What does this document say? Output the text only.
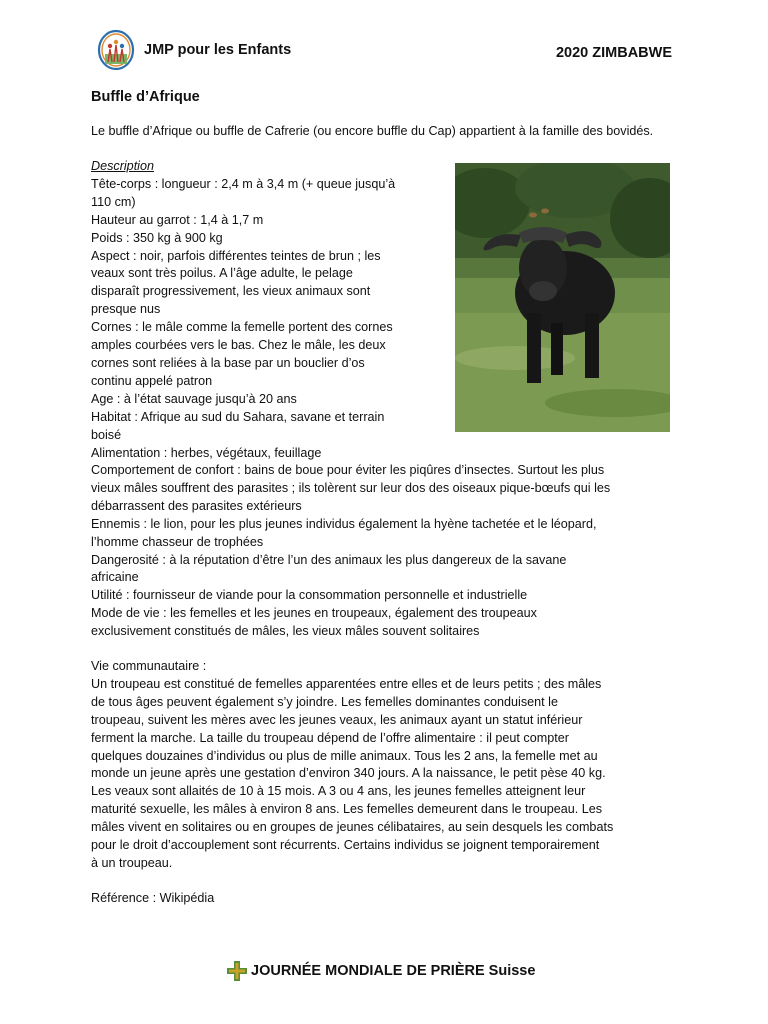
JMP pour les Enfants	2020 ZIMBABWE
Buffle d’Afrique
Le buffle d’Afrique ou buffle de Cafrerie (ou encore buffle du Cap) appartient à la famille des bovidés.
Description
Tête-corps : longueur : 2,4 m à 3,4 m (+ queue jusqu’à
110 cm)
Hauteur au garrot : 1,4 à 1,7 m
Poids : 350 kg à 900 kg
Aspect : noir, parfois différentes teintes de brun ; les
veaux sont très poilus. A l’âge adulte, le pelage
disparaît progressivement, les vieux animaux sont
presque nus
Cornes : le mâle comme la femelle portent des cornes
amples courbées vers le bas. Chez le mâle, les deux
cornes sont reliées à la base par un bouclier d’os
continu appelé patron
Age : à l’état sauvage jusqu’à 20 ans
Habitat : Afrique au sud du Sahara, savane et terrain
boisé
Alimentation : herbes, végétaux, feuillage
Comportement de confort : bains de boue pour éviter les piqûres d’insectes. Surtout les plus
vieux mâles souffrent des parasites ; ils tolèrent sur leur dos des oiseaux pique-bœufs qui les
débarrassent des parasites extérieurs
Ennemis : le lion, pour les plus jeunes individus également la hyène tachetée et le léopard,
l’homme chasseur de trophées
Dangerosité : à la réputation d’être l’un des animaux les plus dangereux de la savane
africaine
Utilité : fournisseur de viande pour la consommation personnelle et industrielle
Mode de vie : les femelles et les jeunes en troupeaux, également des troupeaux
exclusivement constitués de mâles, les vieux mâles souvent solitaires
Vie communautaire :
Un troupeau est constitué de femelles apparentées entre elles et de leurs petits ; des mâles
de tous âges peuvent également s’y joindre. Les femelles dominantes conduisent le
troupeau, suivent les mères avec les jeunes veaux, les animaux ayant un statut inférieur
ferment la marche. La taille du troupeau dépend de l’offre alimentaire : il peut compter
quelques douzaines d’individus ou plus de mille animaux. Tous les 2 ans, la femelle met au
monde un jeune après une gestation d’environ 340 jours. A la naissance, le petit pèse 40 kg.
Les veaux sont allaités de 10 à 15 mois. A 3 ou 4 ans, les jeunes femelles atteignent leur
maturité sexuelle, les mâles à environ 8 ans. Les femelles demeurent dans le troupeau. Les
mâles vivent en solitaires ou en groupes de jeunes célibataires, au sein desquels les combats
pour le droit d’accouplement sont récurrents. Certains individus se joignent temporairement
à un troupeau.
Référence : Wikipédia
JOURNÉE MONDIALE DE PRIÈRE Suisse
